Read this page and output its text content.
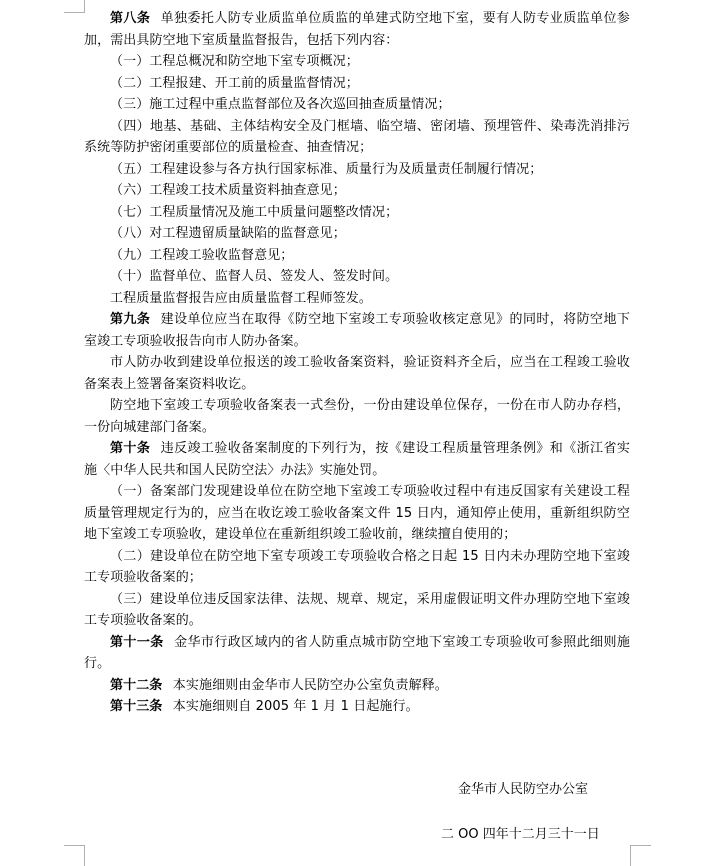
第八条 单独委托人防专业质监单位质监的单建式防空地下室，要有人防专业质监单位参加，需出具防空地下室质量监督报告，包括下列内容：

（一）工程总概况和防空地下室专项概况；

（二）工程报建、开工前的质量监督情况；

（三）施工过程中重点监督部位及各次巡回抽查质量情况；

（四）地基、基础、主体结构安全及门框墙、临空墙、密闭墙、预埋管件、染毒洗消排污系统等防护密闭重要部位的质量检查、抽查情况；

（五）工程建设参与各方执行国家标准、质量行为及质量责任制履行情况；

（六）工程竣工技术质量资料抽查意见；

（七）工程质量情况及施工中质量问题整改情况；

（八）对工程遗留质量缺陷的监督意见；

（九）工程竣工验收监督意见；

（十）监督单位、监督人员、签发人、签发时间。

工程质量监督报告应由质量监督工程师签发。

第九条 建设单位应当在取得《防空地下室竣工专项验收核定意见》的同时，将防空地下室竣工专项验收报告向市人防办备案。

市人防办收到建设单位报送的竣工验收备案资料，验证资料齐全后，应当在工程竣工验收备案表上签署备案资料收讫。

防空地下室竣工专项验收备案表一式叁份，一份由建设单位保存，一份在市人防办存档，一份向城建部门备案。

第十条 违反竣工验收备案制度的下列行为，按《建设工程质量管理条例》和《浙江省实施〈中华人民共和国人民防空法〉办法》实施处罚。

（一）备案部门发现建设单位在防空地下室竣工专项验收过程中有违反国家有关建设工程质量管理规定行为的，应当在收讫竣工验收备案文件 15 日内，通知停止使用，重新组织防空地下室竣工专项验收，建设单位在重新组织竣工验收前，继续擅自使用的；

（二）建设单位在防空地下室专项竣工专项验收合格之日起 15 日内未办理防空地下室竣工专项验收备案的；

（三）建设单位违反国家法律、法规、规章、规定，采用虚假证明文件办理防空地下室竣工专项验收备案的。

第十一条 金华市行政区域内的省人防重点城市防空地下室竣工专项验收可参照此细则施行。

第十二条 本实施细则由金华市人民防空办公室负责解释。

第十三条 本实施细则自 2005 年 1 月 1 日起施行。

金华市人民防空办公室
二 OO 四年十二月三十一日
